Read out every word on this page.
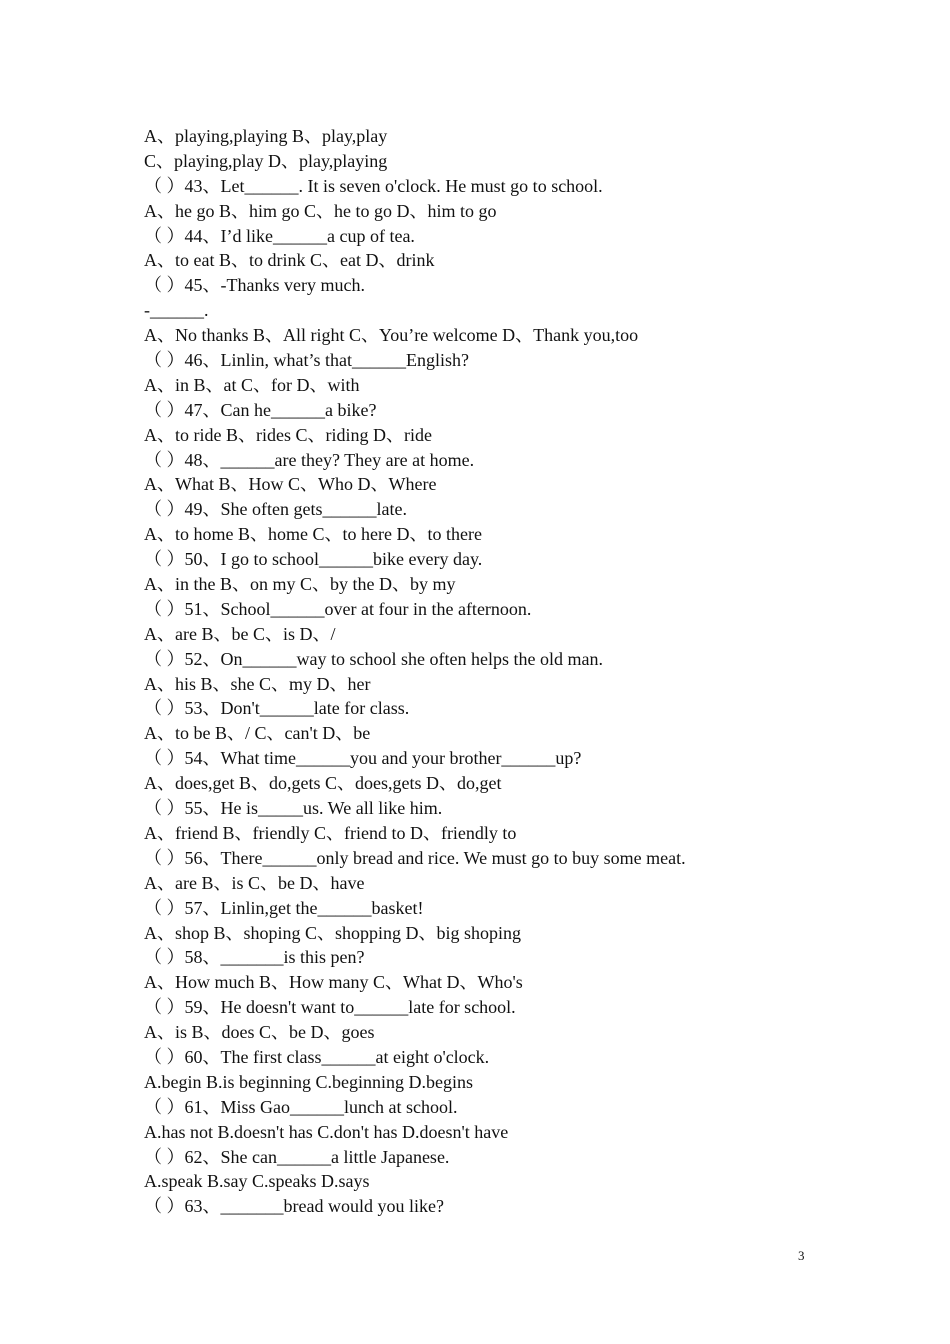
A、playing,playing B、play,play
C、playing,play D、play,playing
（ ）43、Let______. It is seven o'clock. He must go to school.
A、he go B、him go C、he to go D、him to go
（ ）44、I’d like______a cup of tea.
A、to eat B、to drink C、eat D、drink
（ ）45、-Thanks very much.
-______.
A、No thanks B、All right C、You’re welcome D、Thank you,too
（ ）46、Linlin, what’s that______English?
A、in B、at C、for D、with
（ ）47、Can he______a bike?
A、to ride B、rides C、riding D、ride
（ ）48、______are they? They are at home.
A、What B、How C、Who D、Where
（ ）49、She often gets______late.
A、to home B、home C、to here D、to there
（ ）50、I go to school______bike every day.
A、in the B、on my C、by the D、by my
（ ）51、School______over at four in the afternoon.
A、are B、be C、is D、/
（ ）52、On______way to school she often helps the old man.
A、his B、she C、my D、her
（ ）53、Don't______late for class.
A、to be B、/ C、can't D、be
（ ）54、What time______you and your brother______up?
A、does,get B、do,gets C、does,gets D、do,get
（ ）55、He is_____us. We all like him.
A、friend B、friendly C、friend to D、friendly to
（ ）56、There______only bread and rice. We must go to buy some meat.
A、are B、is C、be D、have
（ ）57、Linlin,get the______basket!
A、shop B、shoping C、shopping D、big shoping
（ ）58、_______is this pen?
A、How much B、How many C、What D、Who's
（ ）59、He doesn't want to______late for school.
A、is B、does C、be D、goes
（ ）60、The first class______at eight o'clock.
A.begin B.is beginning C.beginning D.begins
（ ）61、Miss Gao______lunch at school.
A.has not B.doesn't has C.don't has D.doesn't have
（ ）62、She can______a little Japanese.
A.speak B.say C.speaks D.says
（ ）63、_______bread would you like?
3
